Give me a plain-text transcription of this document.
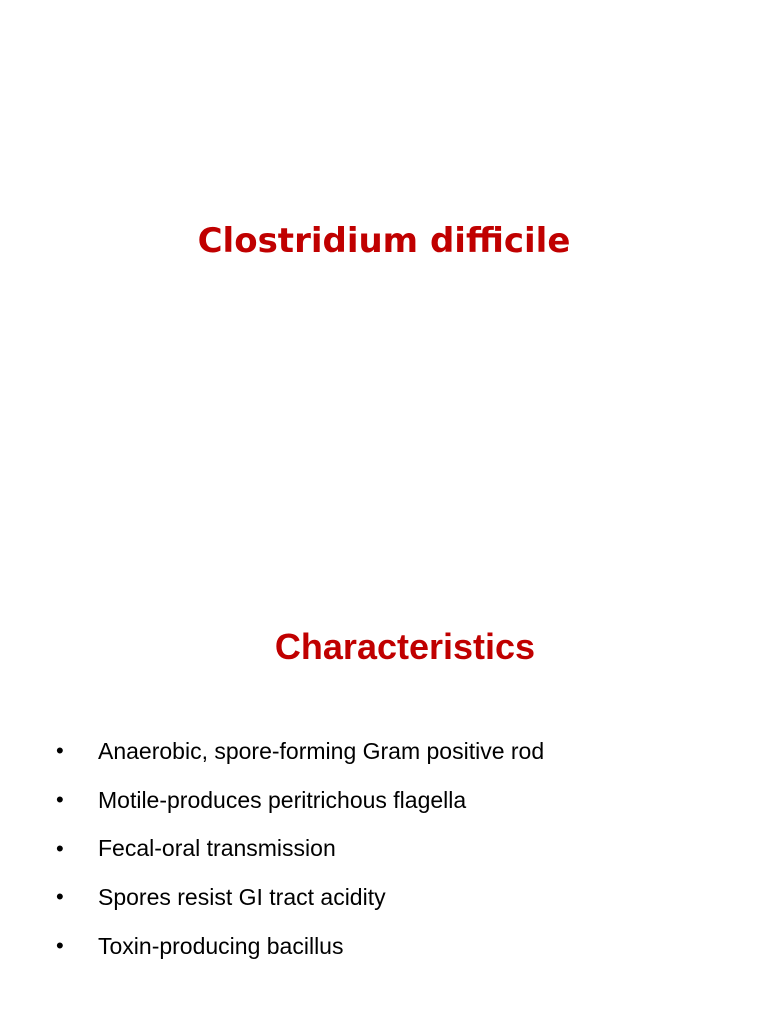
Clostridium difficile
Characteristics
•	Anaerobic, spore-forming Gram positive rod
•	Motile-produces peritrichous flagella
•	Fecal-oral transmission
•	Spores resist GI tract acidity
•	Toxin-producing bacillus
